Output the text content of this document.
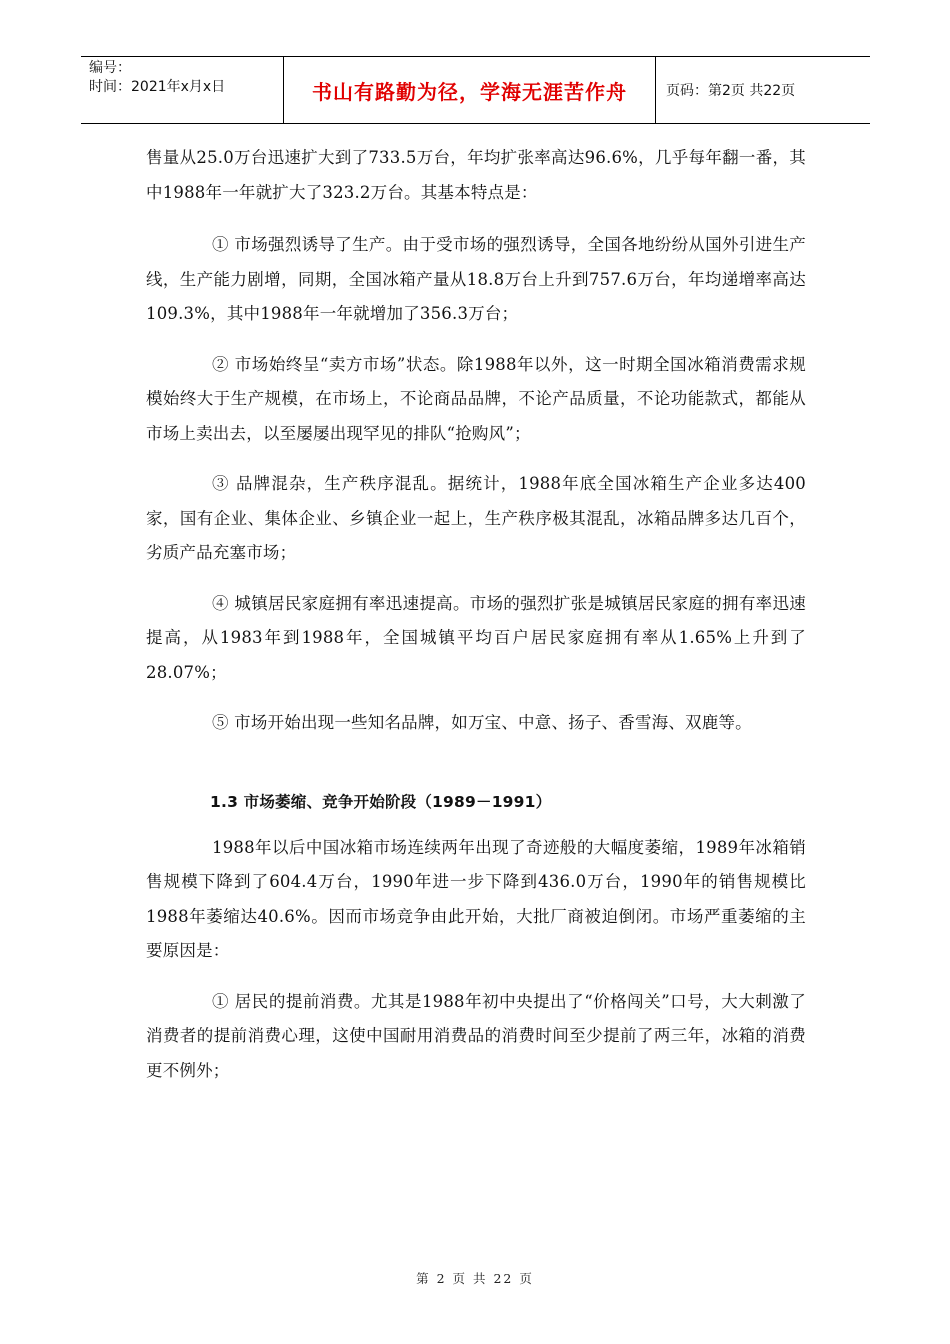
编号：
时间：2021年x月x日	书山有路勤为径，学海无涯苦作舟	页码：第2页 共22页

售量从25.0万台迅速扩大到了733.5万台，年均扩张率高达96.6%，几乎每年翻一番，其中1988年一年就扩大了323.2万台。其基本特点是：

① 市场强烈诱导了生产。由于受市场的强烈诱导，全国各地纷纷从国外引进生产线，生产能力剧增，同期，全国冰箱产量从18.8万台上升到757.6万台，年均递增率高达109.3%，其中1988年一年就增加了356.3万台；

② 市场始终呈“卖方市场”状态。除1988年以外，这一时期全国冰箱消费需求规模始终大于生产规模，在市场上，不论商品品牌，不论产品质量，不论功能款式，都能从市场上卖出去，以至屡屡出现罕见的排队“抢购风”；

③ 品牌混杂，生产秩序混乱。据统计，1988年底全国冰箱生产企业多达400家，国有企业、集体企业、乡镇企业一起上，生产秩序极其混乱，冰箱品牌多达几百个，劣质产品充塞市场；

④ 城镇居民家庭拥有率迅速提高。市场的强烈扩张是城镇居民家庭的拥有率迅速提高，从1983年到1988年，全国城镇平均百户居民家庭拥有率从1.65%上升到了28.07%；

⑤ 市场开始出现一些知名品牌，如万宝、中意、扬子、香雪海、双鹿等。

1.3 市场萎缩、竞争开始阶段（1989－1991）

1988年以后中国冰箱市场连续两年出现了奇迹般的大幅度萎缩，1989年冰箱销售规模下降到了604.4万台，1990年进一步下降到436.0万台，1990年的销售规模比1988年萎缩达40.6%。因而市场竞争由此开始，大批厂商被迫倒闭。市场严重萎缩的主要原因是：

① 居民的提前消费。尤其是1988年初中央提出了“价格闯关”口号，大大刺激了消费者的提前消费心理，这使中国耐用消费品的消费时间至少提前了两三年，冰箱的消费更不例外；

第 2 页 共 22 页
